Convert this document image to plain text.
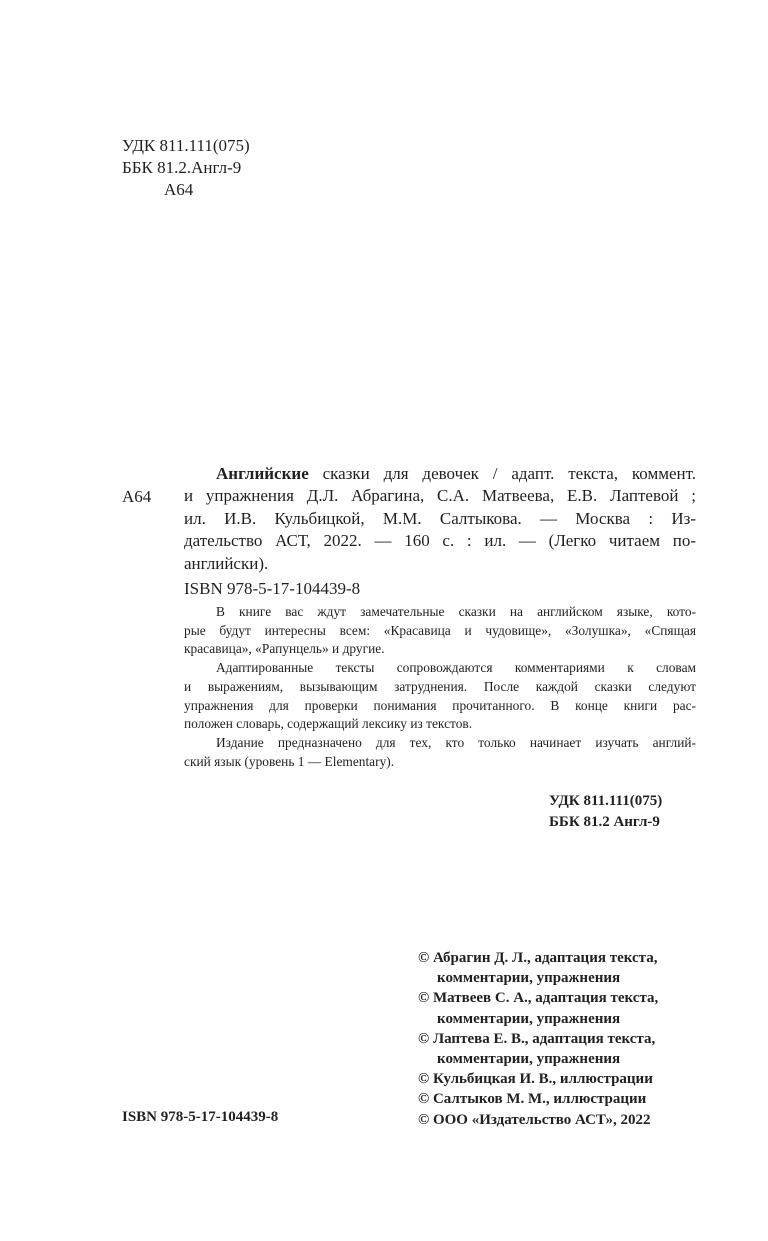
УДК 811.111(075)
ББК 81.2.Англ-9
А64
А64
Английские сказки для девочек / адапт. текста, коммент.
и упражнения Д.Л. Абрагина, С.А. Матвеева, Е.В. Лаптевой ;
ил. И.В. Кульбицкой, М.М. Салтыкова. — Москва : Из-
дательство АСТ, 2022. — 160 с. : ил. — (Легко читаем по-
английски).
ISBN 978-5-17-104439-8
В книге вас ждут замечательные сказки на английском языке, кото-
рые будут интересны всем: «Красавица и чудовище», «Золушка», «Спящая
красавица», «Рапунцель» и другие.
Адаптированные тексты сопровождаются комментариями к словам
и выражениям, вызывающим затруднения. После каждой сказки следуют
упражнения для проверки понимания прочитанного. В конце книги рас-
положен словарь, содержащий лексику из текстов.
Издание предназначено для тех, кто только начинает изучать англий-
ский язык (уровень 1 — Elementary).
УДК 811.111(075)
ББК 81.2 Англ-9
© Абрагин Д. Л., адаптация текста,
комментарии, упражнения
© Матвеев С. А., адаптация текста,
комментарии, упражнения
© Лаптева Е. В., адаптация текста,
комментарии, упражнения
© Кульбицкая И. В., иллюстрации
© Салтыков М. М., иллюстрации
© ООО «Издательство АСТ», 2022
ISBN 978-5-17-104439-8
